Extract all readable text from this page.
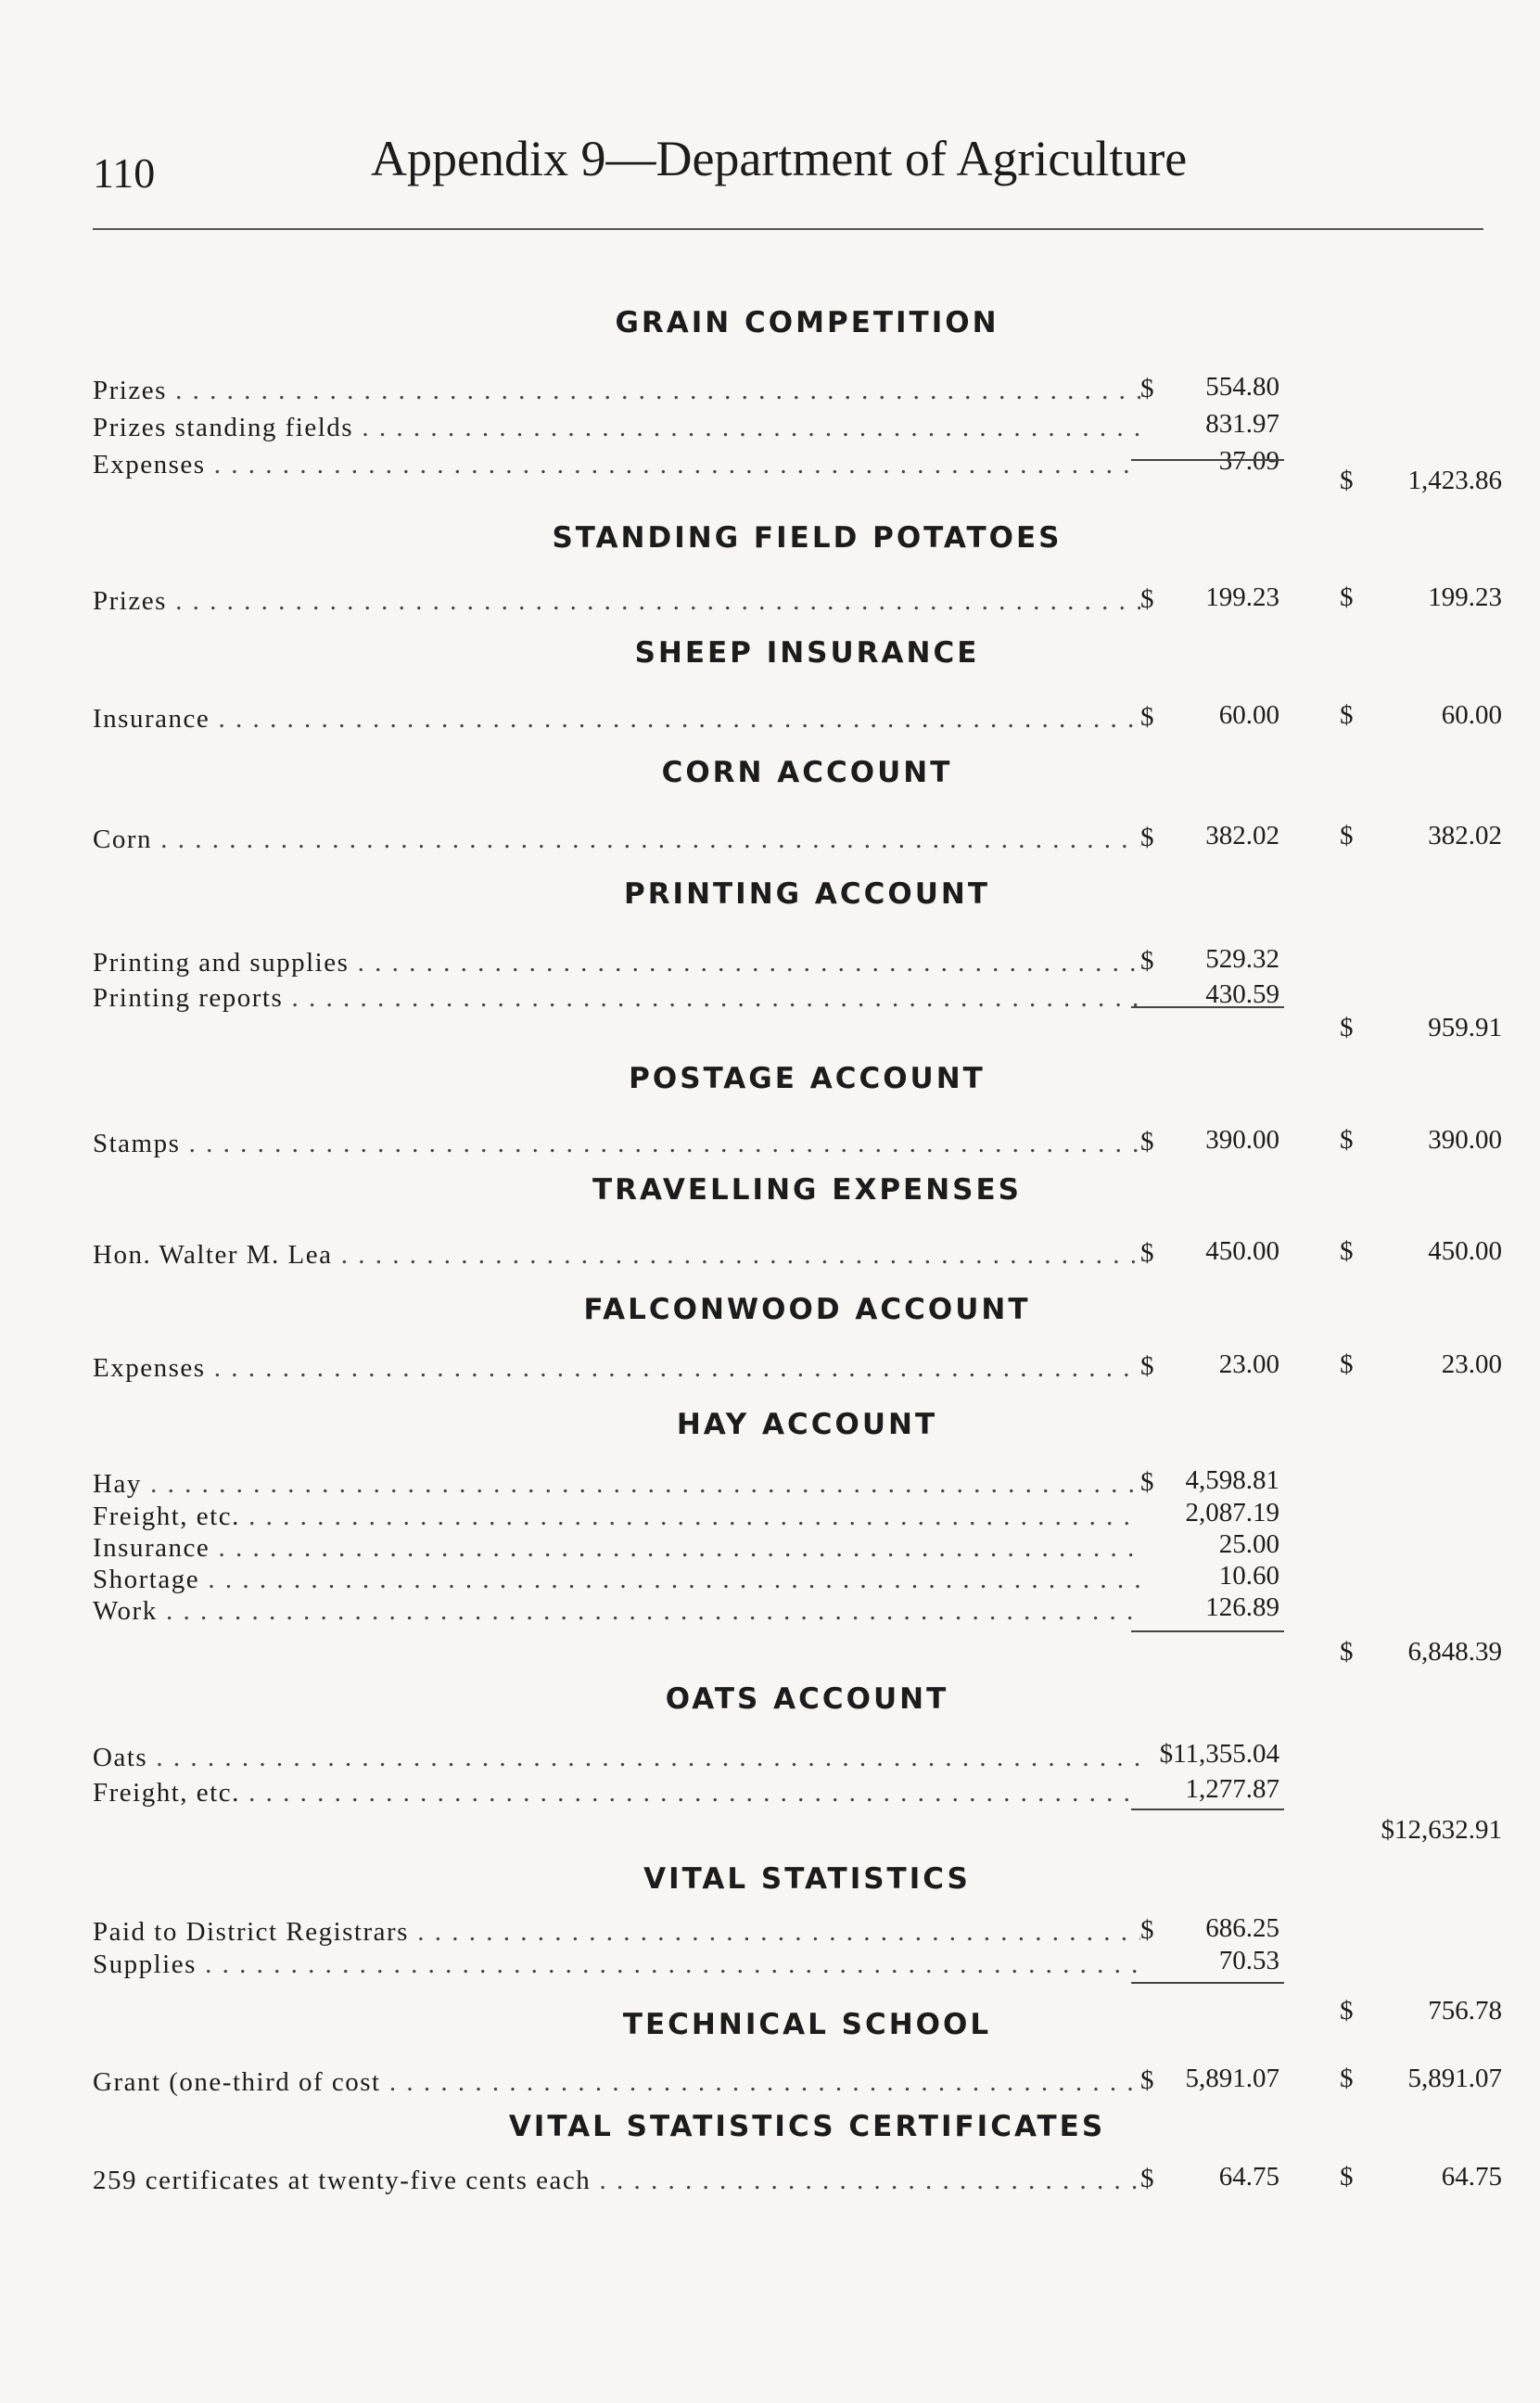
110	Appendix 9—Department of Agriculture
GRAIN COMPETITION
Prizes . . .	$	554.80
Prizes standing fields . . .	831.97
Expenses . . .	37.09
$	1,423.86
STANDING FIELD POTATOES
Prizes . . .	$	199.23 $	199.23
SHEEP INSURANCE
Insurance . . .	$	60.00 $	60.00
CORN ACCOUNT
Corn . . .	$	382.02 $	382.02
PRINTING ACCOUNT
Printing and supplies . . .	$	529.32
Printing reports . . .	430.59
$	959.91
POSTAGE ACCOUNT
Stamps . . .	$	390.00 $	390.00
TRAVELLING EXPENSES
Hon. Walter M. Lea . . .	$	450.00 $	450.00
FALCONWOOD ACCOUNT
Expenses . . .	$	23.00 $	23.00
HAY ACCOUNT
Hay . . .	$	4,598.81
Freight, etc. . . .	2,087.19
Insurance . . .	25.00
Shortage . . .	10.60
Work . . .	126.89
$	6,848.39
OATS ACCOUNT
Oats . . .	$11,355.04
Freight, etc. . . .	1,277.87
$12,632.91
VITAL STATISTICS
Paid to District Registrars . . .	$	686.25
Supplies . . .	70.53
$	756.78
TECHNICAL SCHOOL
Grant (one-third of cost . . .	$	5,891.07 $	5,891.07
VITAL STATISTICS CERTIFICATES
259 certificates at twenty-five cents each . . .	$	64.75 $	64.75
